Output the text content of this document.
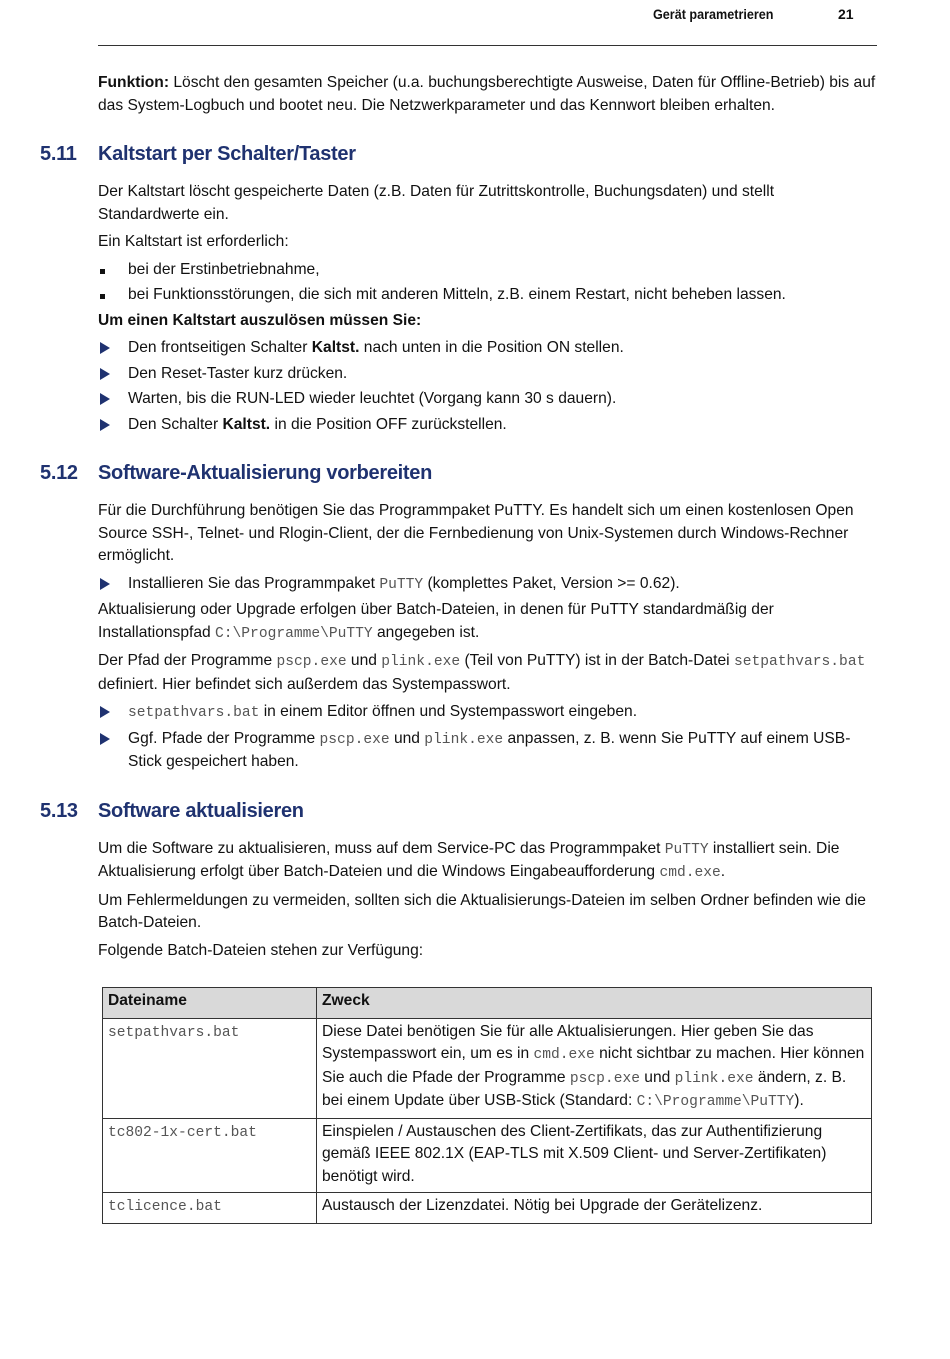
Gerät parametrieren	21

Funktion: Löscht den gesamten Speicher (u.a. buchungsberechtigte Ausweise, Daten für Offline-Betrieb) bis auf das System-Logbuch und bootet neu. Die Netzwerkparameter und das Kennwort bleiben erhalten.

5.11 Kaltstart per Schalter/Taster

Der Kaltstart löscht gespeicherte Daten (z.B. Daten für Zutrittskontrolle, Buchungsdaten) und stellt Standardwerte ein.

Ein Kaltstart ist erforderlich:

bei der Erstinbetriebnahme,
bei Funktionsstörungen, die sich mit anderen Mitteln, z.B. einem Restart, nicht beheben lassen.

Um einen Kaltstart auszulösen müssen Sie:

Den frontseitigen Schalter Kaltst. nach unten in die Position ON stellen.
Den Reset-Taster kurz drücken.
Warten, bis die RUN-LED wieder leuchtet (Vorgang kann 30 s dauern).
Den Schalter Kaltst. in die Position OFF zurückstellen.
5.12 Software-Aktualisierung vorbereiten

Für die Durchführung benötigen Sie das Programmpaket PuTTY. Es handelt sich um einen kostenlosen Open Source SSH-, Telnet- und Rlogin-Client, der die Fernbedienung von Unix-Systemen durch Windows-Rechner ermöglicht.

Installieren Sie das Programmpaket PuTTY (komplettes Paket, Version >= 0.62).

Aktualisierung oder Upgrade erfolgen über Batch-Dateien, in denen für PuTTY standardmäßig der Installationspfad C:\Programme\PuTTY angegeben ist.

Der Pfad der Programme pscp.exe und plink.exe (Teil von PuTTY) ist in der Batch-Datei setpathvars.bat definiert. Hier befindet sich außerdem das Systempasswort.

setpathvars.bat in einem Editor öffnen und Systempasswort eingeben.
Ggf. Pfade der Programme pscp.exe und plink.exe anpassen, z. B. wenn Sie PuTTY auf einem USB-Stick gespeichert haben.
5.13 Software aktualisieren

Um die Software zu aktualisieren, muss auf dem Service-PC das Programmpaket PuTTY installiert sein. Die Aktualisierung erfolgt über Batch-Dateien und die Windows Eingabeaufforderung cmd.exe.

Um Fehlermeldungen zu vermeiden, sollten sich die Aktualisierungs-Dateien im selben Ordner befinden wie die Batch-Dateien.

Folgende Batch-Dateien stehen zur Verfügung:

Dateiname	Zweck
setpathvars.bat	Diese Datei benötigen Sie für alle Aktualisierungen. Hier geben Sie das Systempasswort ein, um es in cmd.exe nicht sichtbar zu machen. Hier können Sie auch die Pfade der Programme pscp.exe und plink.exe ändern, z. B. bei einem Update über USB-Stick (Standard: C:\Programme\PuTTY).
tc802-1x-cert.bat	Einspielen / Austauschen des Client-Zertifikats, das zur Authentifizierung gemäß IEEE 802.1X (EAP-TLS mit X.509 Client- und Server-Zertifikaten) benötigt wird.
tclicence.bat	Austausch der Lizenzdatei. Nötig bei Upgrade der Gerätelizenz.
